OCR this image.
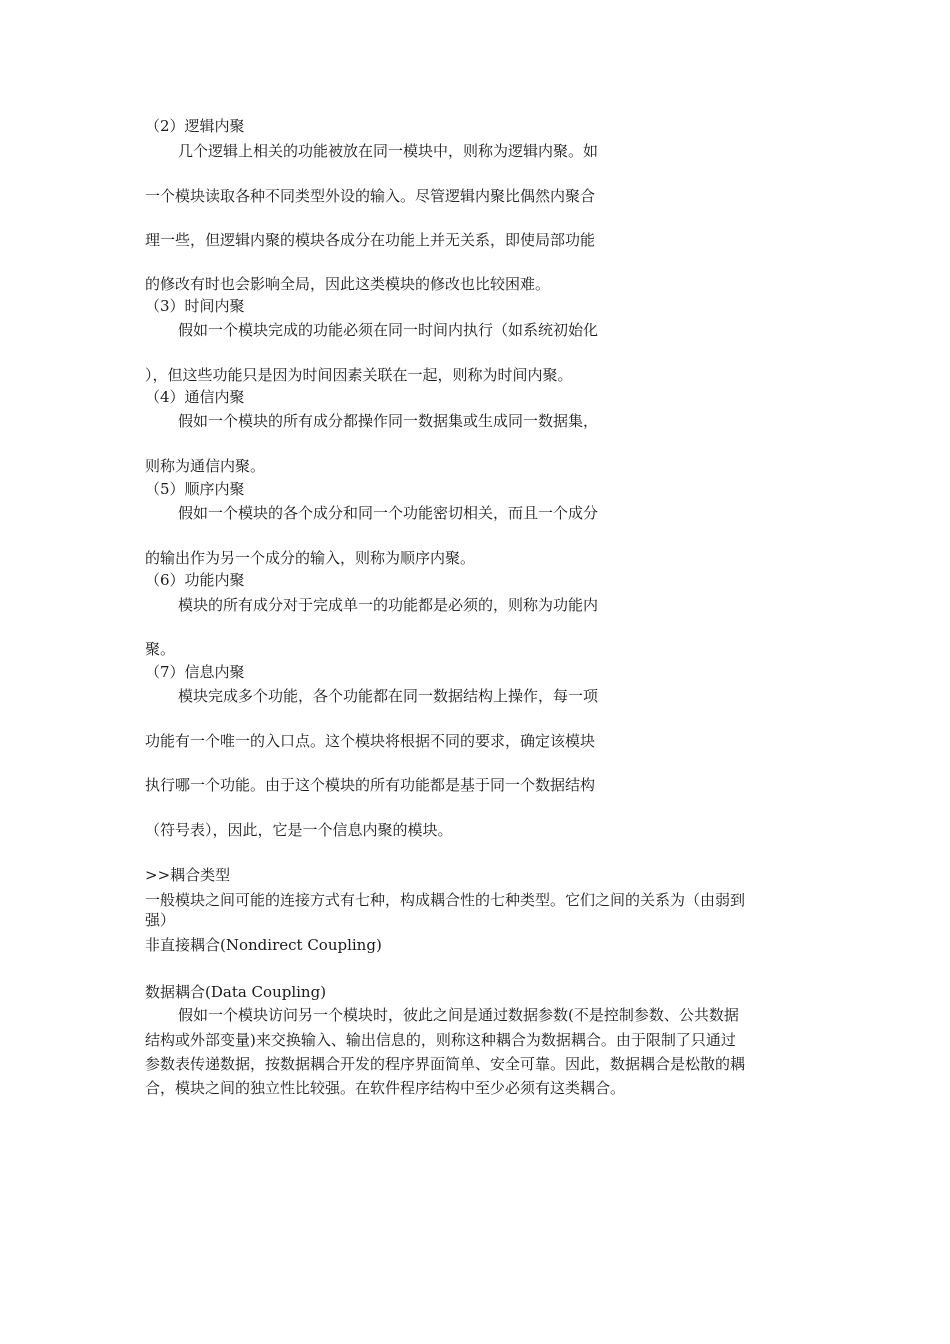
（2）逻辑内聚
几个逻辑上相关的功能被放在同一模块中，则称为逻辑内聚。如
一个模块读取各种不同类型外设的输入。尽管逻辑内聚比偶然内聚合
理一些，但逻辑内聚的模块各成分在功能上并无关系，即使局部功能
的修改有时也会影响全局，因此这类模块的修改也比较困难。
（3）时间内聚
假如一个模块完成的功能必须在同一时间内执行（如系统初始化
），但这些功能只是因为时间因素关联在一起，则称为时间内聚。
（4）通信内聚
假如一个模块的所有成分都操作同一数据集或生成同一数据集，
则称为通信内聚。
（5）顺序内聚
假如一个模块的各个成分和同一个功能密切相关，而且一个成分
的输出作为另一个成分的输入，则称为顺序内聚。
（6）功能内聚
模块的所有成分对于完成单一的功能都是必须的，则称为功能内
聚。
（7）信息内聚
模块完成多个功能，各个功能都在同一数据结构上操作，每一项
功能有一个唯一的入口点。这个模块将根据不同的要求，确定该模块
执行哪一个功能。由于这个模块的所有功能都是基于同一个数据结构
（符号表），因此，它是一个信息内聚的模块。
>>耦合类型
一般模块之间可能的连接方式有七种，构成耦合性的七种类型。它们之间的关系为（由弱到
强）
非直接耦合(Nondirect Coupling)
数据耦合(Data Coupling)
假如一个模块访问另一个模块时，彼此之间是通过数据参数(不是控制参数、公共数据
结构或外部变量)来交换输入、输出信息的，则称这种耦合为数据耦合。由于限制了只通过
参数表传递数据，按数据耦合开发的程序界面简单、安全可靠。因此，数据耦合是松散的耦
合，模块之间的独立性比较强。在软件程序结构中至少必须有这类耦合。
